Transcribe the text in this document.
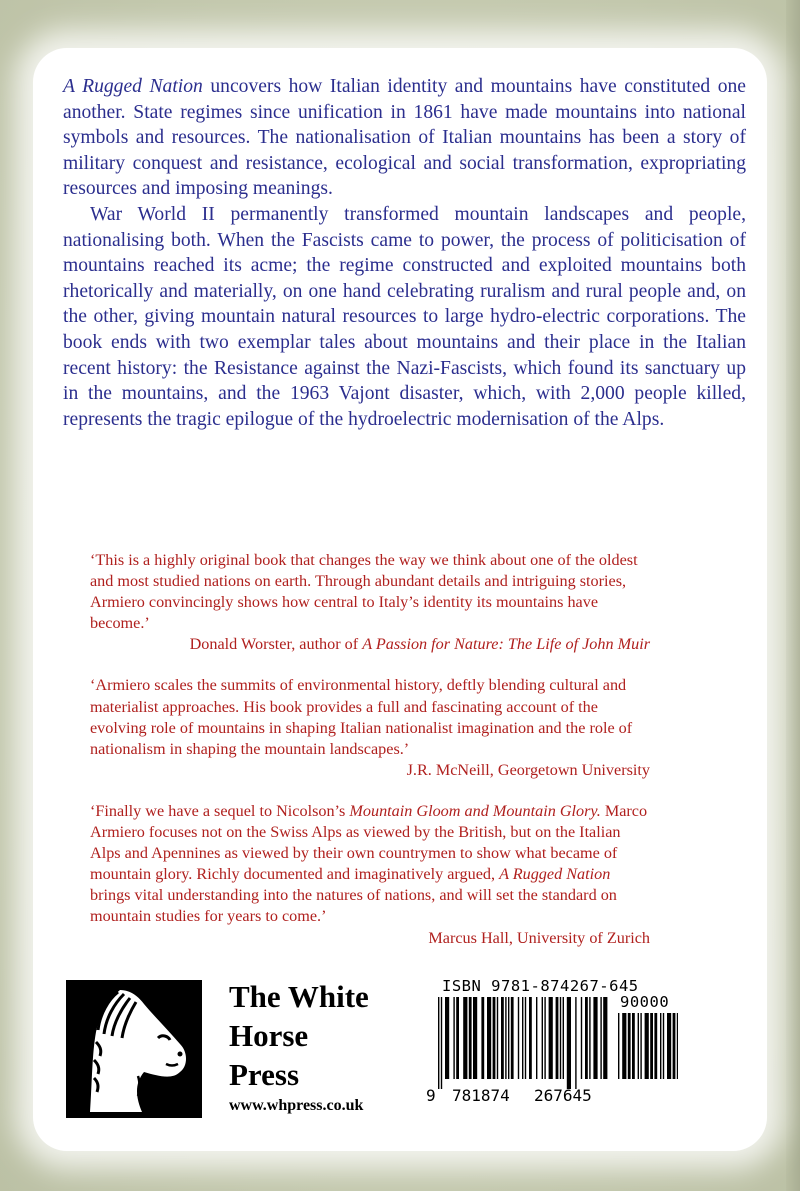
A Rugged Nation uncovers how Italian identity and mountains have constituted one another. State regimes since unification in 1861 have made mountains into national symbols and resources. The nationalisation of Italian mountains has been a story of military conquest and resistance, ecological and social transformation, expropriating resources and imposing meanings.

War World II permanently transformed mountain landscapes and people, nationalising both. When the Fascists came to power, the process of politicisation of mountains reached its acme; the regime constructed and exploited mountains both rhetorically and materially, on one hand celebrating ruralism and rural people and, on the other, giving mountain natural resources to large hydro-electric corporations. The book ends with two exemplar tales about mountains and their place in the Italian recent history: the Resistance against the Nazi-Fascists, which found its sanctuary up in the mountains, and the 1963 Vajont disaster, which, with 2,000 people killed, represents the tragic epilogue of the hydroelectric modernisation of the Alps.

‘This is a highly original book that changes the way we think about one of the oldest and most studied nations on earth. Through abundant details and intriguing stories, Armiero convincingly shows how central to Italy’s identity its mountains have become.’

Donald Worster, author of A Passion for Nature: The Life of John Muir

‘Armiero scales the summits of environmental history, deftly blending cultural and materialist approaches. His book provides a full and fascinating account of the evolving role of mountains in shaping Italian nationalist imagination and the role of nationalism in shaping the mountain landscapes.’

J.R. McNeill, Georgetown University

‘Finally we have a sequel to Nicolson’s Mountain Gloom and Mountain Glory. Marco Armiero focuses not on the Swiss Alps as viewed by the British, but on the Italian Alps and Apennines as viewed by their own countrymen to show what became of mountain glory. Richly documented and imaginatively argued, A Rugged Nation brings vital understanding into the natures of nations, and will set the standard on mountain studies for years to come.’

Marcus Hall, University of Zurich
The White
Horse
Press
www.whpress.co.uk
ISBN 9781-874267-645
90000
9 781874 267645
